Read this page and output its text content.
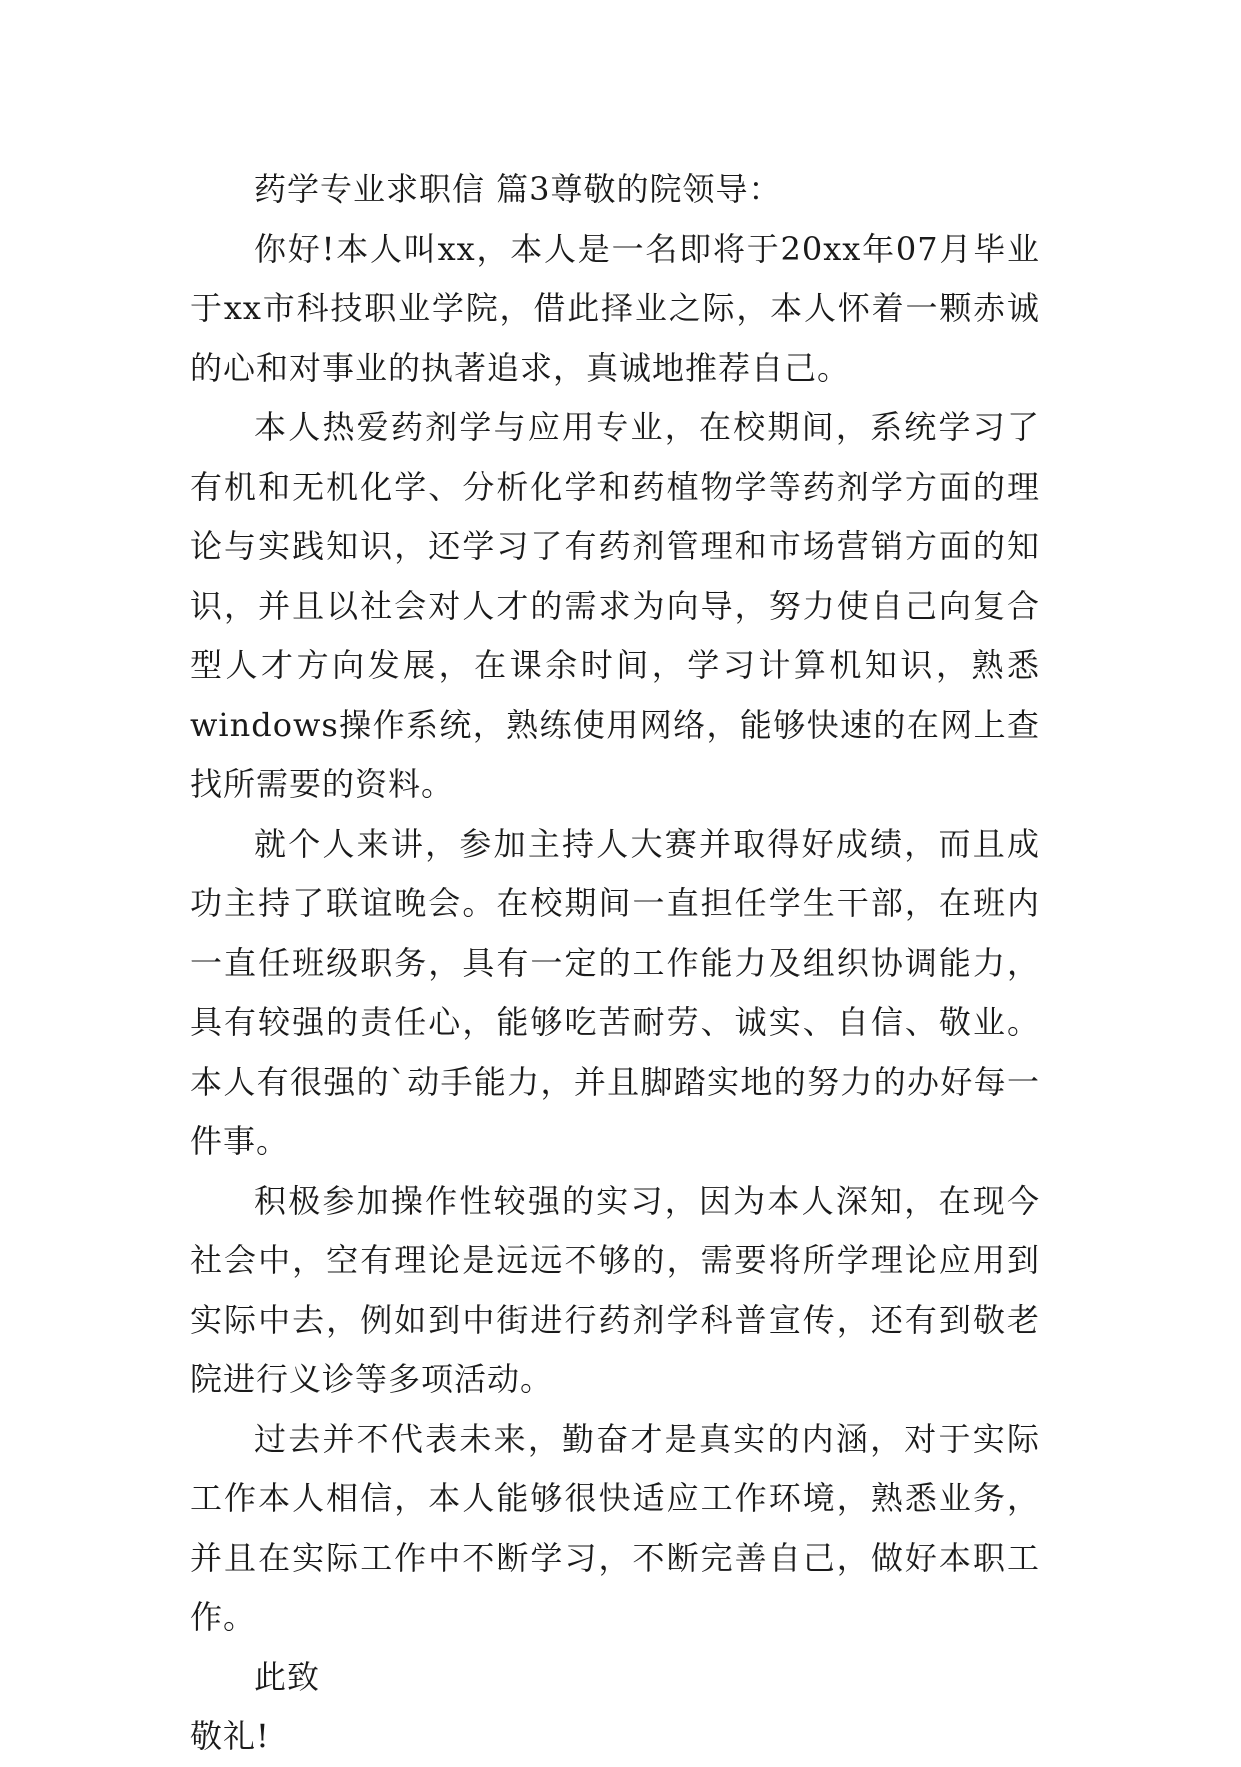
药学专业求职信 篇3尊敬的院领导：

你好!本人叫xx，本人是一名即将于20xx年07月毕业于xx市科技职业学院，借此择业之际，本人怀着一颗赤诚的心和对事业的执著追求，真诚地推荐自己。

本人热爱药剂学与应用专业，在校期间，系统学习了有机和无机化学、分析化学和药植物学等药剂学方面的理论与实践知识，还学习了有药剂管理和市场营销方面的知识，并且以社会对人才的需求为向导，努力使自己向复合型人才方向发展，在课余时间，学习计算机知识，熟悉windows操作系统，熟练使用网络，能够快速的在网上查找所需要的资料。

就个人来讲，参加主持人大赛并取得好成绩，而且成功主持了联谊晚会。在校期间一直担任学生干部，在班内一直任班级职务，具有一定的工作能力及组织协调能力，具有较强的责任心，能够吃苦耐劳、诚实、自信、敬业。本人有很强的`动手能力，并且脚踏实地的努力的办好每一件事。

积极参加操作性较强的实习，因为本人深知，在现今社会中，空有理论是远远不够的，需要将所学理论应用到实际中去，例如到中街进行药剂学科普宣传，还有到敬老院进行义诊等多项活动。

过去并不代表未来，勤奋才是真实的内涵，对于实际工作本人相信，本人能够很快适应工作环境，熟悉业务，并且在实际工作中不断学习，不断完善自己，做好本职工作。

此致

敬礼!
